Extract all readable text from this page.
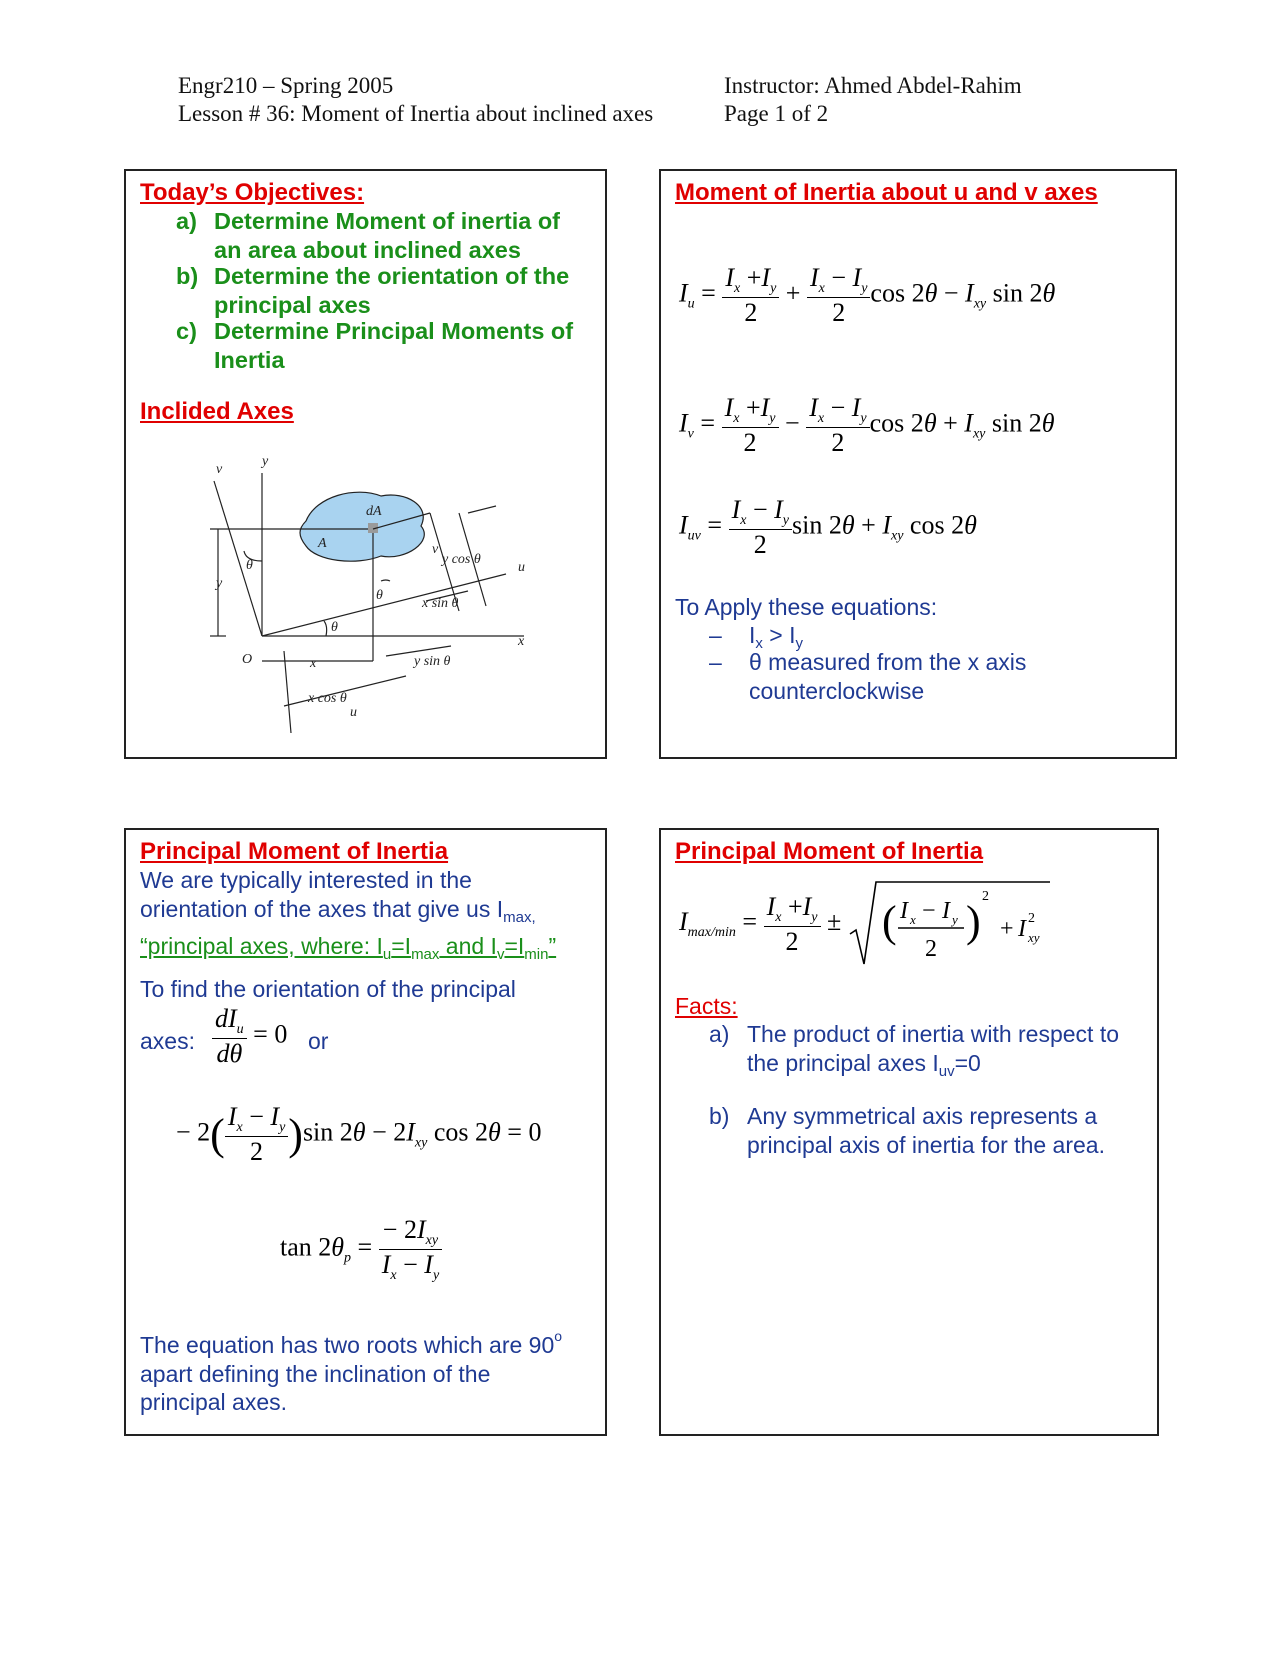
Engr210 – Spring 2005
Lesson # 36: Moment of Inertia about inclined axes
Instructor: Ahmed Abdel-Rahim
Page 1 of 2
Today’s Objectives:
a) Determine Moment of inertia of
an area about inclined axes
b) Determine the orientation of the
principal axes
c) Determine Principal Moments of
Inertia
Inclided Axes
v
y
dA
A	v
y cos θ
u
θ
θ
x sin θ
y
θ
x
O	x	y sin θ
x cos θ
u
Moment of Inertia about u and v axes
$I_u = \frac{I_x +I_y}{2} + \frac{I_x - I_y}{2}$ $\cos 2\theta - I_{xy}$ sin 2θ
$I_v = \frac{I_x +I_y}{2} - \frac{I_x - I_y}{2}$ $\cos 2\theta + I_{xy}$ sin 2θ
$I_{uv} = \frac{I_x - I_y}{2}$ $\sin 2\theta + I_{xy}$ cos 2θ
To Apply these equations:
– $I_x > I_y$
– θ measured from the x axis
counterclockwise
Principal Moment of Inertia
We are typically interested in the
orientation of the axes that give us $I_{max,}$
“principal axes, where: $I_u=I_{max}$ and $I_v=I_{min}$”
To find the orientation of the principal
axes: $\frac{dI_u}{d\theta} = 0$ or
− $2( \frac{I_x - I_y}{2} )\sin$ $2\theta - 2I_{xy}$ cos 2θ = 0
$\tan 2\theta_p = \frac{- 2I_{xy}}{I_x - I_y}$
The equation has two roots which are 90$^o$
apart defining the inclination of the
principal axes.
Principal Moment of Inertia
$I_{max/min} = \frac{I_x +I_y}{2}$ ± ( I x − I y
2
)
2
+ I 2
xy
Facts:
a) The product of inertia with respect to
the principal axes $I_{uv}=0$
b) Any symmetrical axis represents a
principal axis of inertia for the area.
